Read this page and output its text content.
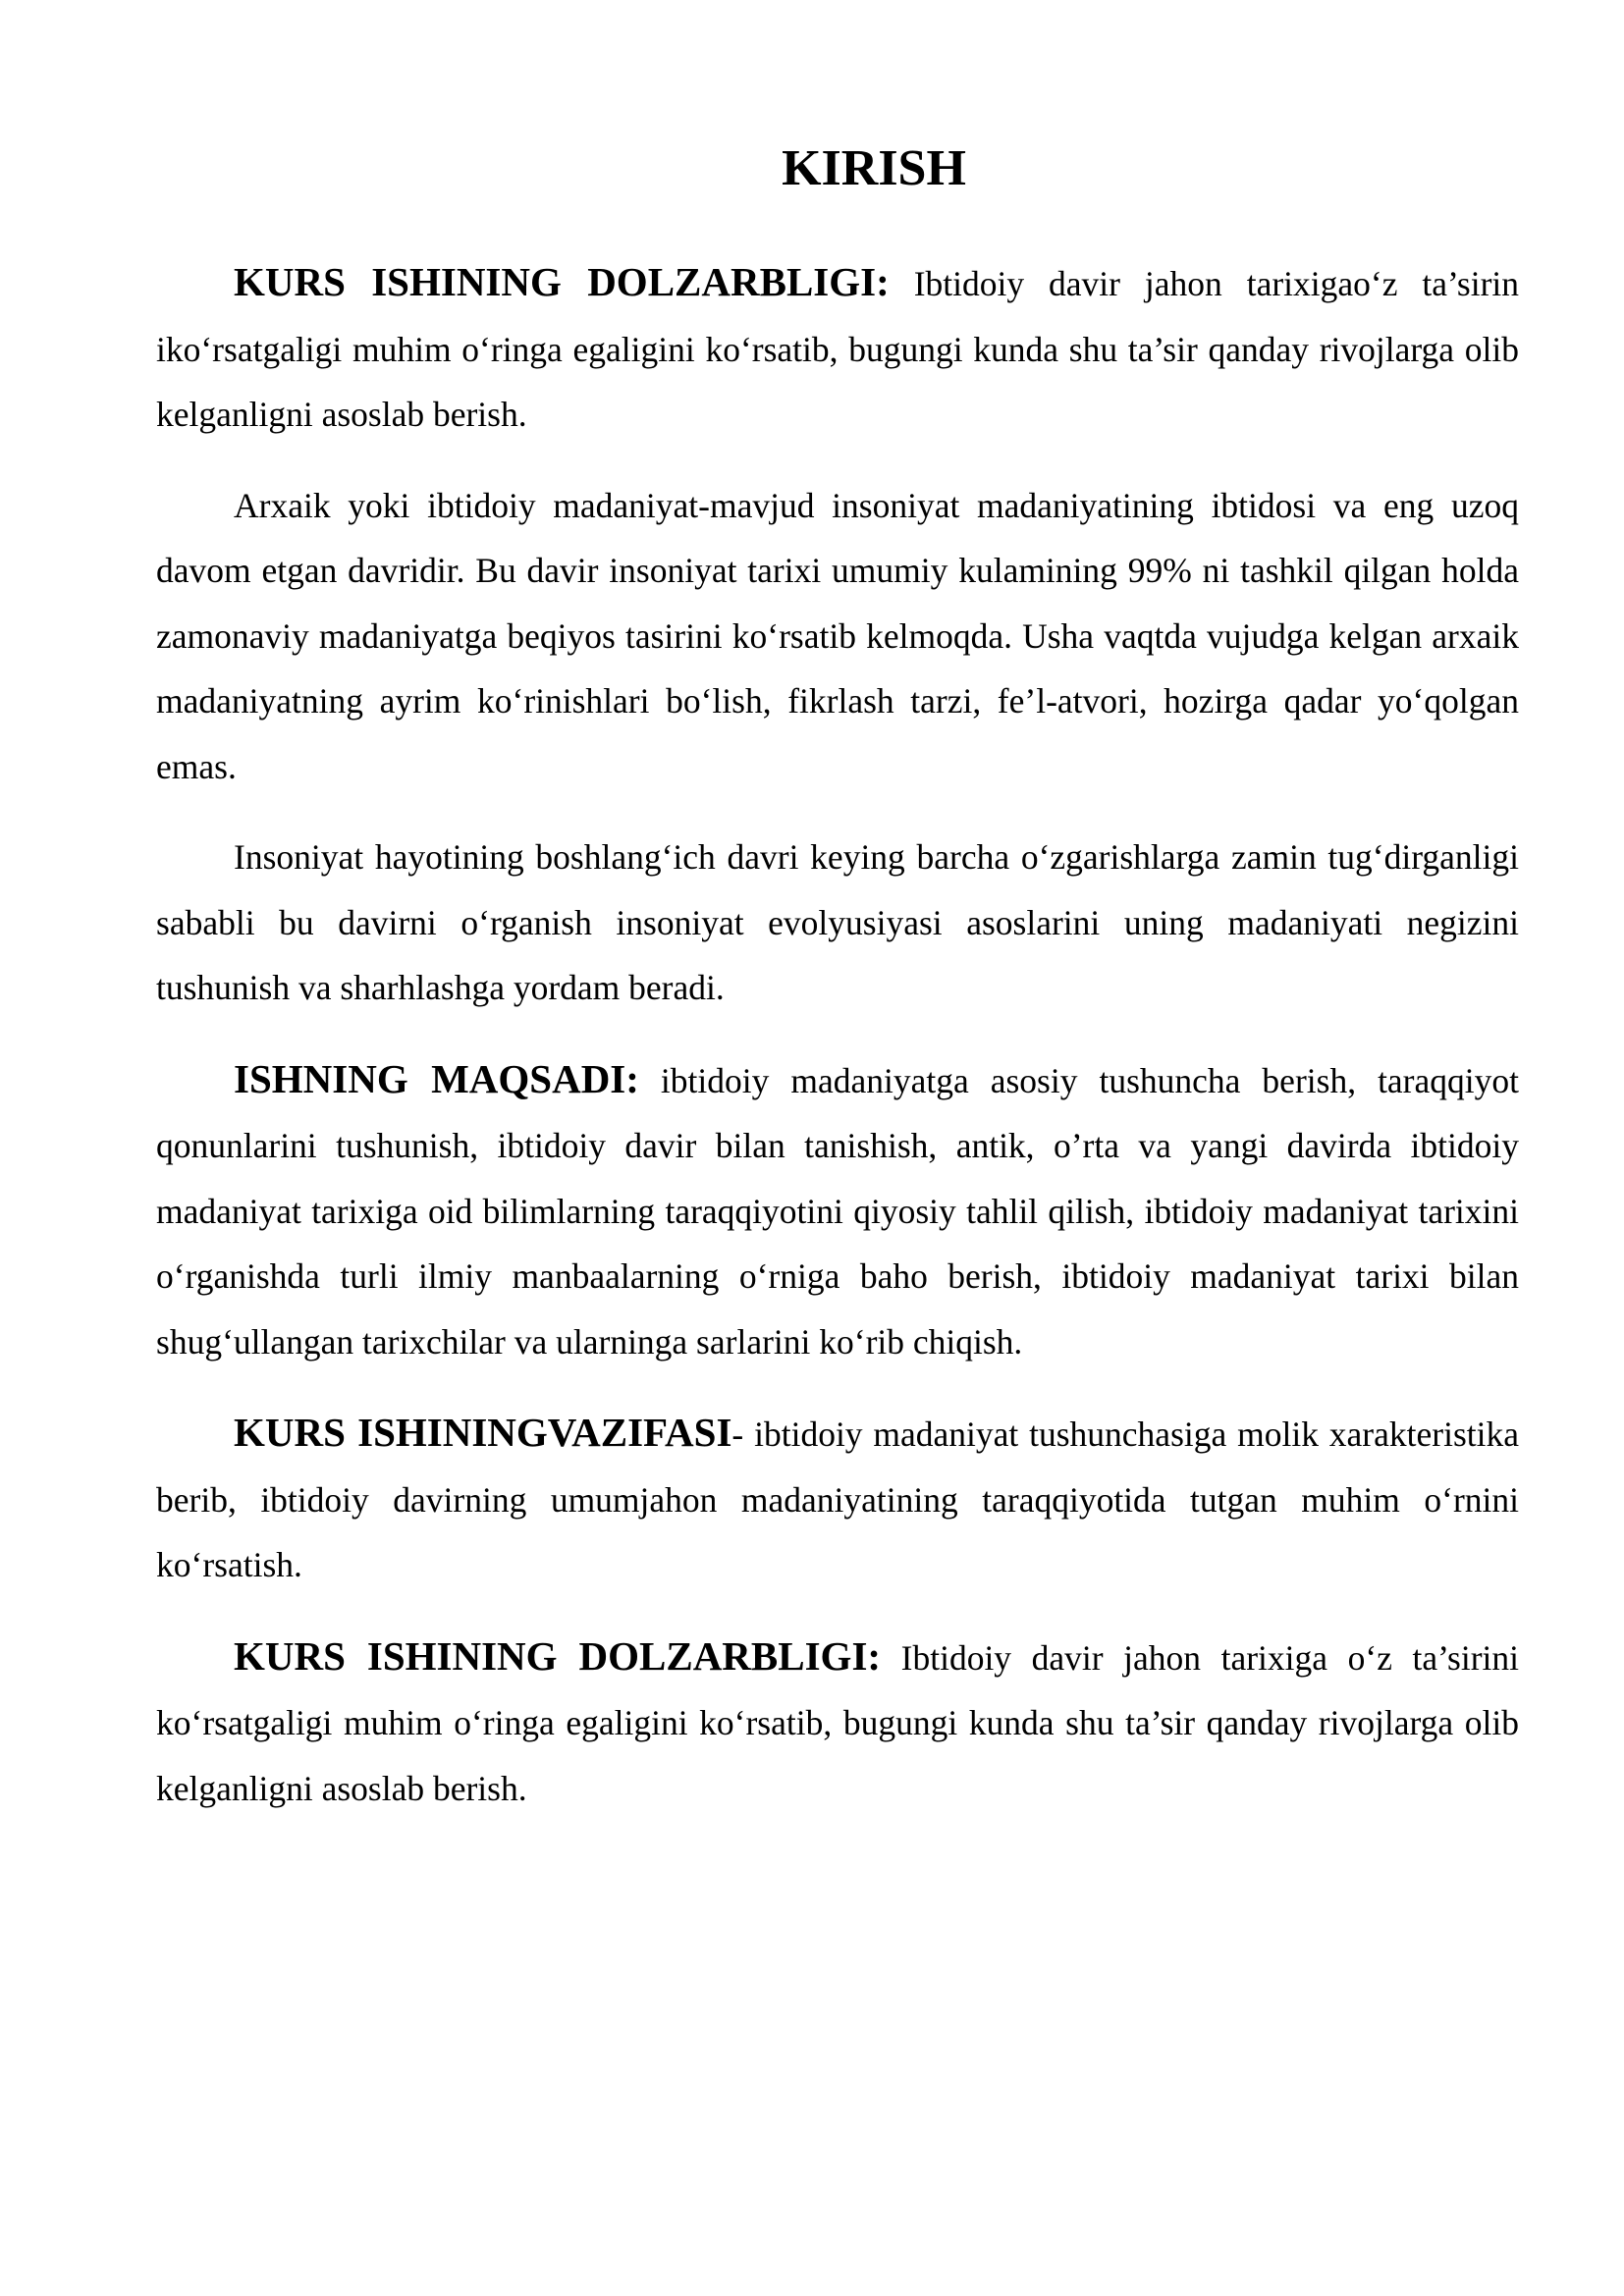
KIRISH

KURS ISHINING DOLZARBLIGI: Ibtidoiy davir jahon tarixigao‘z ta’sirin iko‘rsatgaligi muhim o‘ringa egaligini ko‘rsatib, bugungi kunda shu ta’sir qanday rivojlarga olib kelganligni asoslab berish.

Arxaik yoki ibtidoiy madaniyat-mavjud insoniyat madaniyatining ibtidosi va eng uzoq davom etgan davridir. Bu davir insoniyat tarixi umumiy kulamining 99% ni tashkil qilgan holda zamonaviy madaniyatga beqiyos tasirini ko‘rsatib kelmoqda. Usha vaqtda vujudga kelgan arxaik madaniyatning ayrim ko‘rinishlari bo‘lish, fikrlash tarzi, fe’l-atvori, hozirga qadar yo‘qolgan emas.

Insoniyat hayotining boshlang‘ich davri keying barcha o‘zgarishlarga zamin tug‘dirganligi sababli bu davirni o‘rganish insoniyat evolyusiyasi asoslarini uning madaniyati negizini tushunish va sharhlashga yordam beradi.

ISHNING MAQSADI: ibtidoiy madaniyatga asosiy tushuncha berish, taraqqiyot qonunlarini tushunish, ibtidoiy davir bilan tanishish, antik, o’rta va yangi davirda ibtidoiy madaniyat tarixiga oid bilimlarning taraqqiyotini qiyosiy tahlil qilish, ibtidoiy madaniyat tarixini o‘rganishda turli ilmiy manbaalarning o‘rniga baho berish, ibtidoiy madaniyat tarixi bilan shug‘ullangan tarixchilar va ularninga sarlarini ko‘rib chiqish.

KURS ISHININGVAZIFASI- ibtidoiy madaniyat tushunchasiga molik xarakteristika berib, ibtidoiy davirning umumjahon madaniyatining taraqqiyotida tutgan muhim o‘rnini ko‘rsatish.

KURS ISHINING DOLZARBLIGI: Ibtidoiy davir jahon tarixiga o‘z ta’sirini ko‘rsatgaligi muhim o‘ringa egaligini ko‘rsatib, bugungi kunda shu ta’sir qanday rivojlarga olib kelganligni asoslab berish.
